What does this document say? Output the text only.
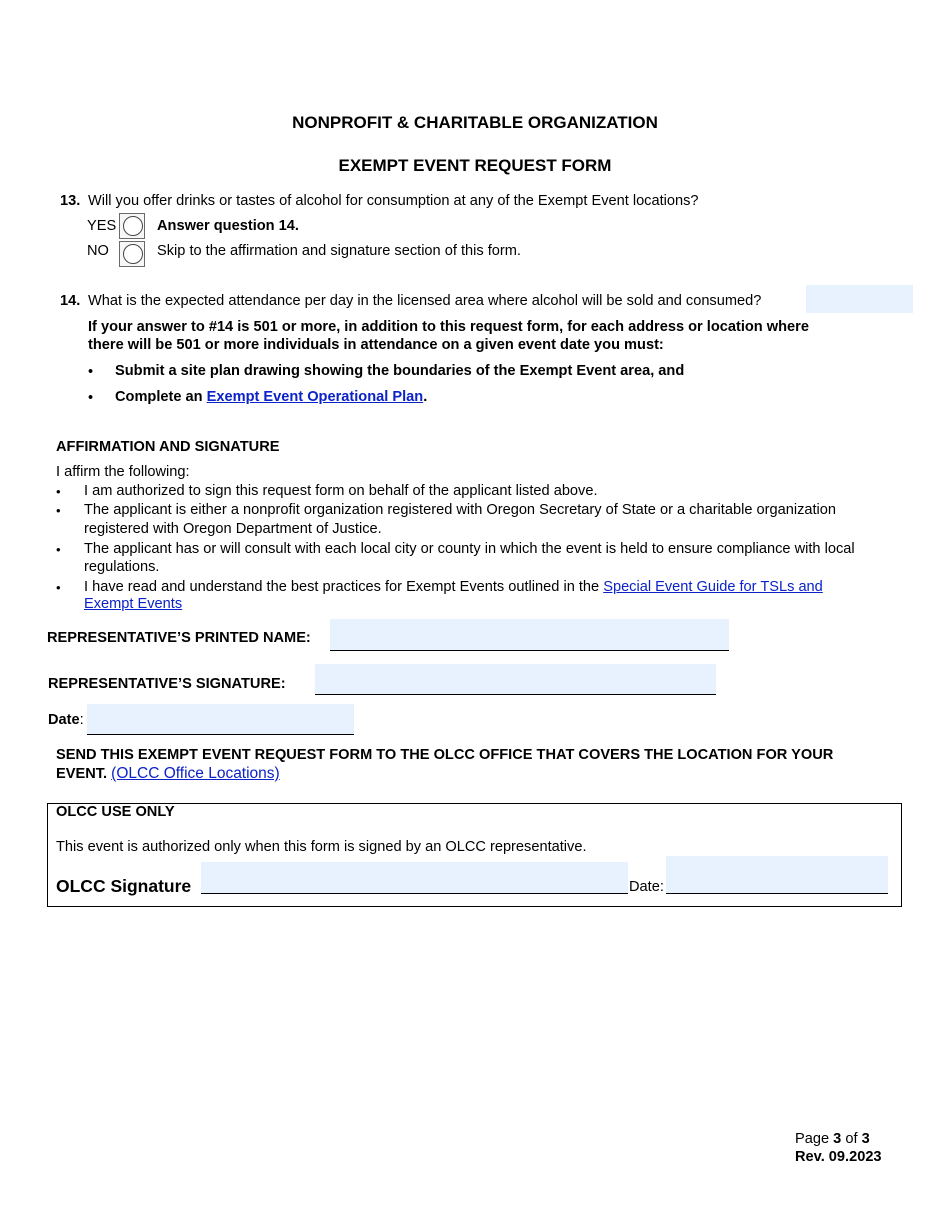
NONPROFIT & CHARITABLE ORGANIZATION
EXEMPT EVENT REQUEST FORM
13. Will you offer drinks or tastes of alcohol for consumption at any of the Exempt Event locations?
YES	Answer question 14.
NO	Skip to the affirmation and signature section of this form.
14. What is the expected attendance per day in the licensed area where alcohol will be sold and consumed?
If your answer to #14 is 501 or more, in addition to this request form, for each address or location where
there will be 501 or more individuals in attendance on a given event date you must:
• Submit a site plan drawing showing the boundaries of the Exempt Event area, and
• Complete an Exempt Event Operational Plan.
AFFIRMATION AND SIGNATURE
I affirm the following:
• I am authorized to sign this request form on behalf of the applicant listed above.
• The applicant is either a nonprofit organization registered with Oregon Secretary of State or a charitable organization
registered with Oregon Department of Justice.
• The applicant has or will consult with each local city or county in which the event is held to ensure compliance with local
regulations.
• I have read and understand the best practices for Exempt Events outlined in the Special Event Guide for TSLs and
Exempt Events
REPRESENTATIVE’S PRINTED NAME:
REPRESENTATIVE’S SIGNATURE:
Date:
SEND THIS EXEMPT EVENT REQUEST FORM TO THE OLCC OFFICE THAT COVERS THE LOCATION FOR YOUR
EVENT. (OLCC Office Locations)
OLCC USE ONLY
This event is authorized only when this form is signed by an OLCC representative.
OLCC Signature	Date:
Page 3 of 3
Rev. 09.2023
